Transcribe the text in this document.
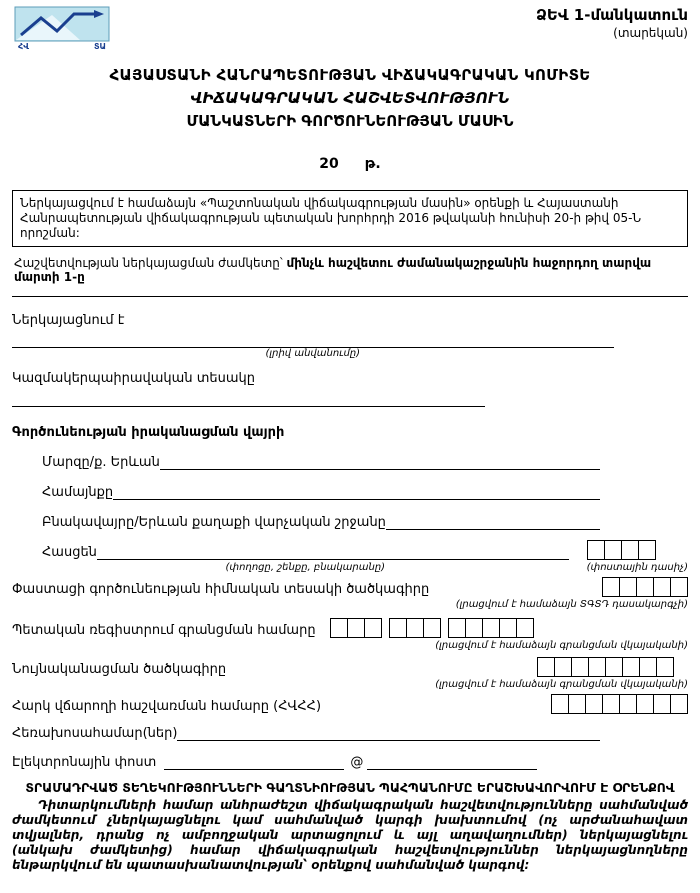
ՀՎ	ՏԱ
ՁԵՎ 1-մանկատուն
(տարեկան)
ՀԱՅԱՍՏԱՆԻ ՀԱՆՐԱՊԵՏՈՒԹՅԱՆ ՎԻՃԱԿԱԳՐԱԿԱՆ ԿՈՄԻՏԵ
ՎԻՃԱԿԱԳՐԱԿԱՆ ՀԱՇՎԵՏՎՈՒԹՅՈՒՆ
ՄԱՆԿԱՏՆԵՐԻ ԳՈՐԾՈՒՆԵՈՒԹՅԱՆ ՄԱՍԻՆ
20 թ.
Ներկայացվում է համաձայն «Պաշտոնական վիճակագրության մասին» օրենքի և Հայաստանի Հանրապետության վիճակագրության պետական խորհրդի 2016 թվականի հունիսի 20-ի թիվ 05-Ն որոշման:
Հաշվետվության ներկայացման ժամկետը՝ մինչև հաշվետու ժամանակաշրջանին հաջորդող տարվա մարտի 1-ը
Ներկայացնում է
(լրիվ անվանումը)
Կազմակերպաիրավական տեսակը
Գործունեության իրականացման վայրի
Մարզը/ք. Երևան
Համայնքը
Բնակավայրը/Երևան քաղաքի վարչական շրջանը
Հասցեն
(փողոցը, շենքը, բնակարանը)	(փոստային դասիչ)
Փաստացի գործունեության հիմնական տեսակի ծածկագիրը
(լրացվում է համաձայն ՏԳՏԴ դասակարգչի)
Պետական ռեգիստրում գրանցման համարը
(լրացվում է համաձայն գրանցման վկայականի)
Նույնականացման ծածկագիրը
(լրացվում է համաձայն գրանցման վկայականի)
Հարկ վճարողի հաշվառման համարը (ՀՎՀՀ)
Հեռախոսահամար(ներ)
Էլեկտրոնային փոստ	@
ՏՐԱՄԱԴՐՎԱԾ ՏԵՂԵԿՈՒԹՅՈՒՆՆԵՐԻ ԳԱՂՏՆԻՈՒԹՅԱՆ ՊԱՀՊԱՆՈՒՄԸ ԵՐԱՇԽԱՎՈՐՎՈՒՄ Է ՕՐԵՆՔՈՎ
Դիտարկումների համար անհրաժեշտ վիճակագրական հաշվետվությունները սահմանված ժամկետում չներկայացնելու կամ սահմանված կարգի խախտումով (ոչ արժանահավատ տվյալներ, դրանց ոչ ամբողջական արտացոլում և այլ աղավաղումներ) ներկայացնելու (անկախ ժամկետից) համար վիճակագրական հաշվետվություններ ներկայացնողները ենթարկվում են պատասխանատվության՝ օրենքով սահմանված կարգով:
